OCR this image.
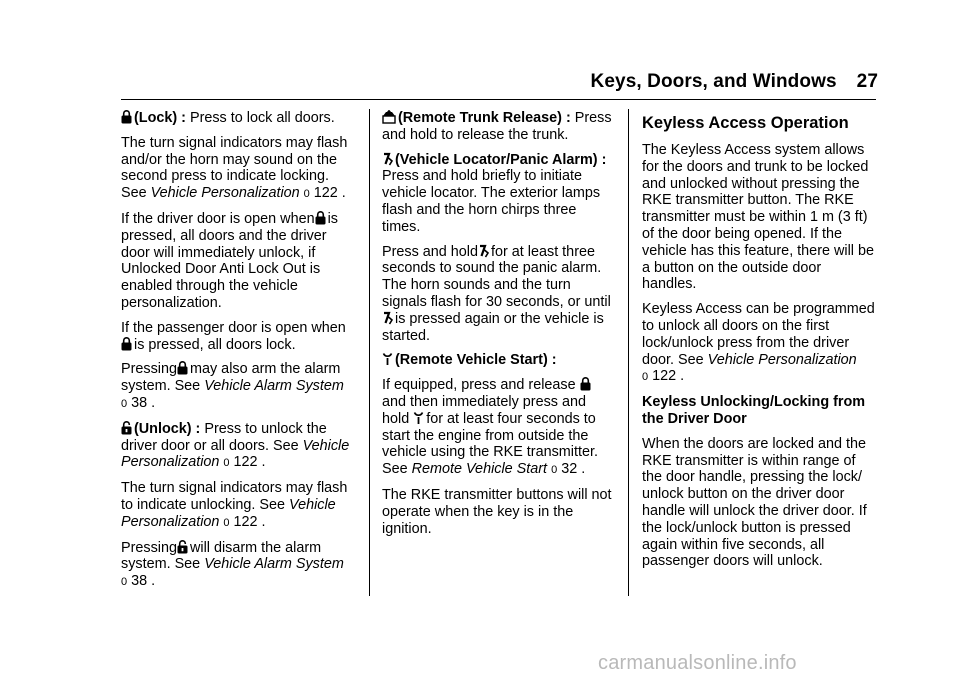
Keys, Doors, and Windows 27

(Lock) : Press to lock all doors.

The turn signal indicators may flash and/or the horn may sound on the second press to indicate locking. See Vehicle Personalization 0 122 .

If the driver door is open when is pressed, all doors and the driver door will immediately unlock, if Unlocked Door Anti Lock Out is enabled through the vehicle personalization.

If the passenger door is open when
is pressed, all doors lock.

Pressing may also arm the alarm system. See Vehicle Alarm System 0 38 .

(Unlock) : Press to unlock the driver door or all doors. See Vehicle Personalization 0 122 .

The turn signal indicators may flash to indicate unlocking. See Vehicle Personalization 0 122 .

Pressing will disarm the alarm system. See Vehicle Alarm System 0 38 .

(Remote Trunk Release) : Press and hold to release the trunk.

(Vehicle Locator/Panic Alarm) : Press and hold briefly to initiate vehicle locator. The exterior lamps flash and the horn chirps three times.

Press and hold for at least three seconds to sound the panic alarm. The horn sounds and the turn signals flash for 30 seconds, or until
is pressed again or the vehicle is started.

(Remote Vehicle Start) :

If equipped, press and release
and then immediately press and hold for at least four seconds to start the engine from outside the vehicle using the RKE transmitter. See Remote Vehicle Start 0 32 .

The RKE transmitter buttons will not operate when the key is in the ignition.

Keyless Access Operation

The Keyless Access system allows for the doors and trunk to be locked and unlocked without pressing the RKE transmitter button. The RKE transmitter must be within 1 m (3 ft) of the door being opened. If the vehicle has this feature, there will be a button on the outside door handles.

Keyless Access can be programmed to unlock all doors on the first lock/unlock press from the driver door. See Vehicle Personalization 0 122 .

Keyless Unlocking/Locking from the Driver Door

When the doors are locked and the RKE transmitter is within range of the door handle, pressing the lock/ unlock button on the driver door handle will unlock the driver door. If the lock/unlock button is pressed again within five seconds, all passenger doors will unlock.

carmanualsonline.info
